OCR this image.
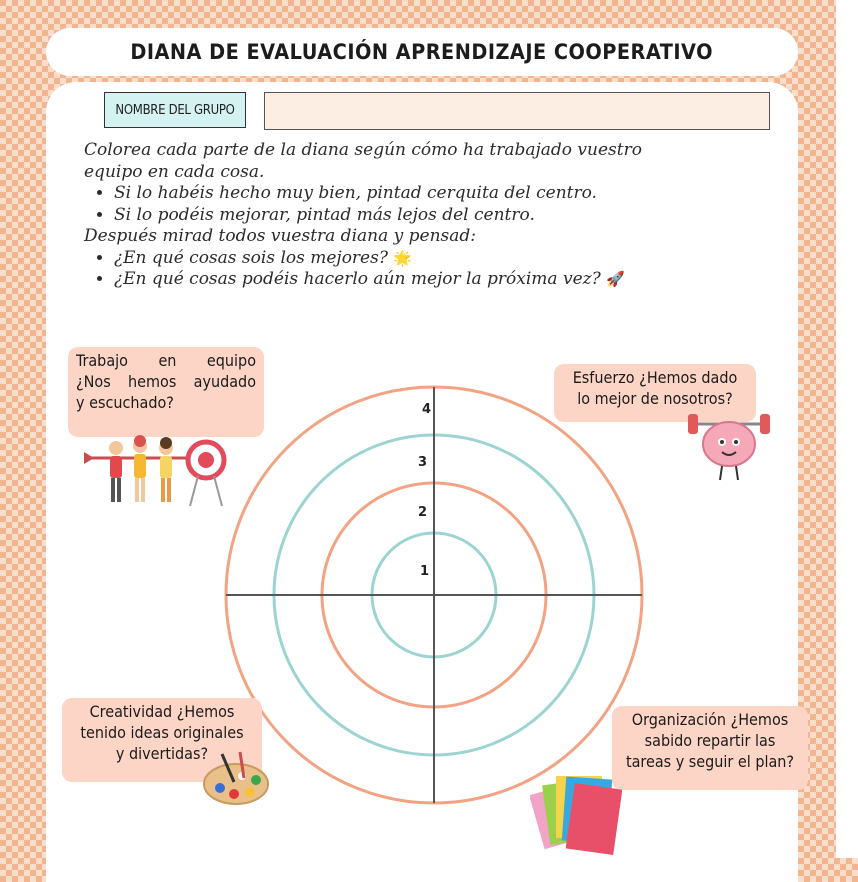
DIANA DE EVALUACIÓN APRENDIZAJE COOPERATIVO
NOMBRE DEL GRUPO

Colorea cada parte de la diana según cómo ha trabajado vuestro

equipo en cada cosa.

• Si lo habéis hecho muy bien, pintad cerquita del centro.
• Si lo podéis mejorar, pintad más lejos del centro.

Después mirad todos vuestra diana y pensad:

• ¿En qué cosas sois los mejores? 🌟
• ¿En qué cosas podéis hacerlo aún mejor la próxima vez? 🚀
4
3
2
1
Trabajo en equipo
¿Nos hemos ayudado
y escuchado?
Esfuerzo ¿Hemos dado
lo mejor de nosotros?
Creatividad ¿Hemos
tenido ideas originales
y divertidas?
Organización ¿Hemos
sabido repartir las
tareas y seguir el plan?
